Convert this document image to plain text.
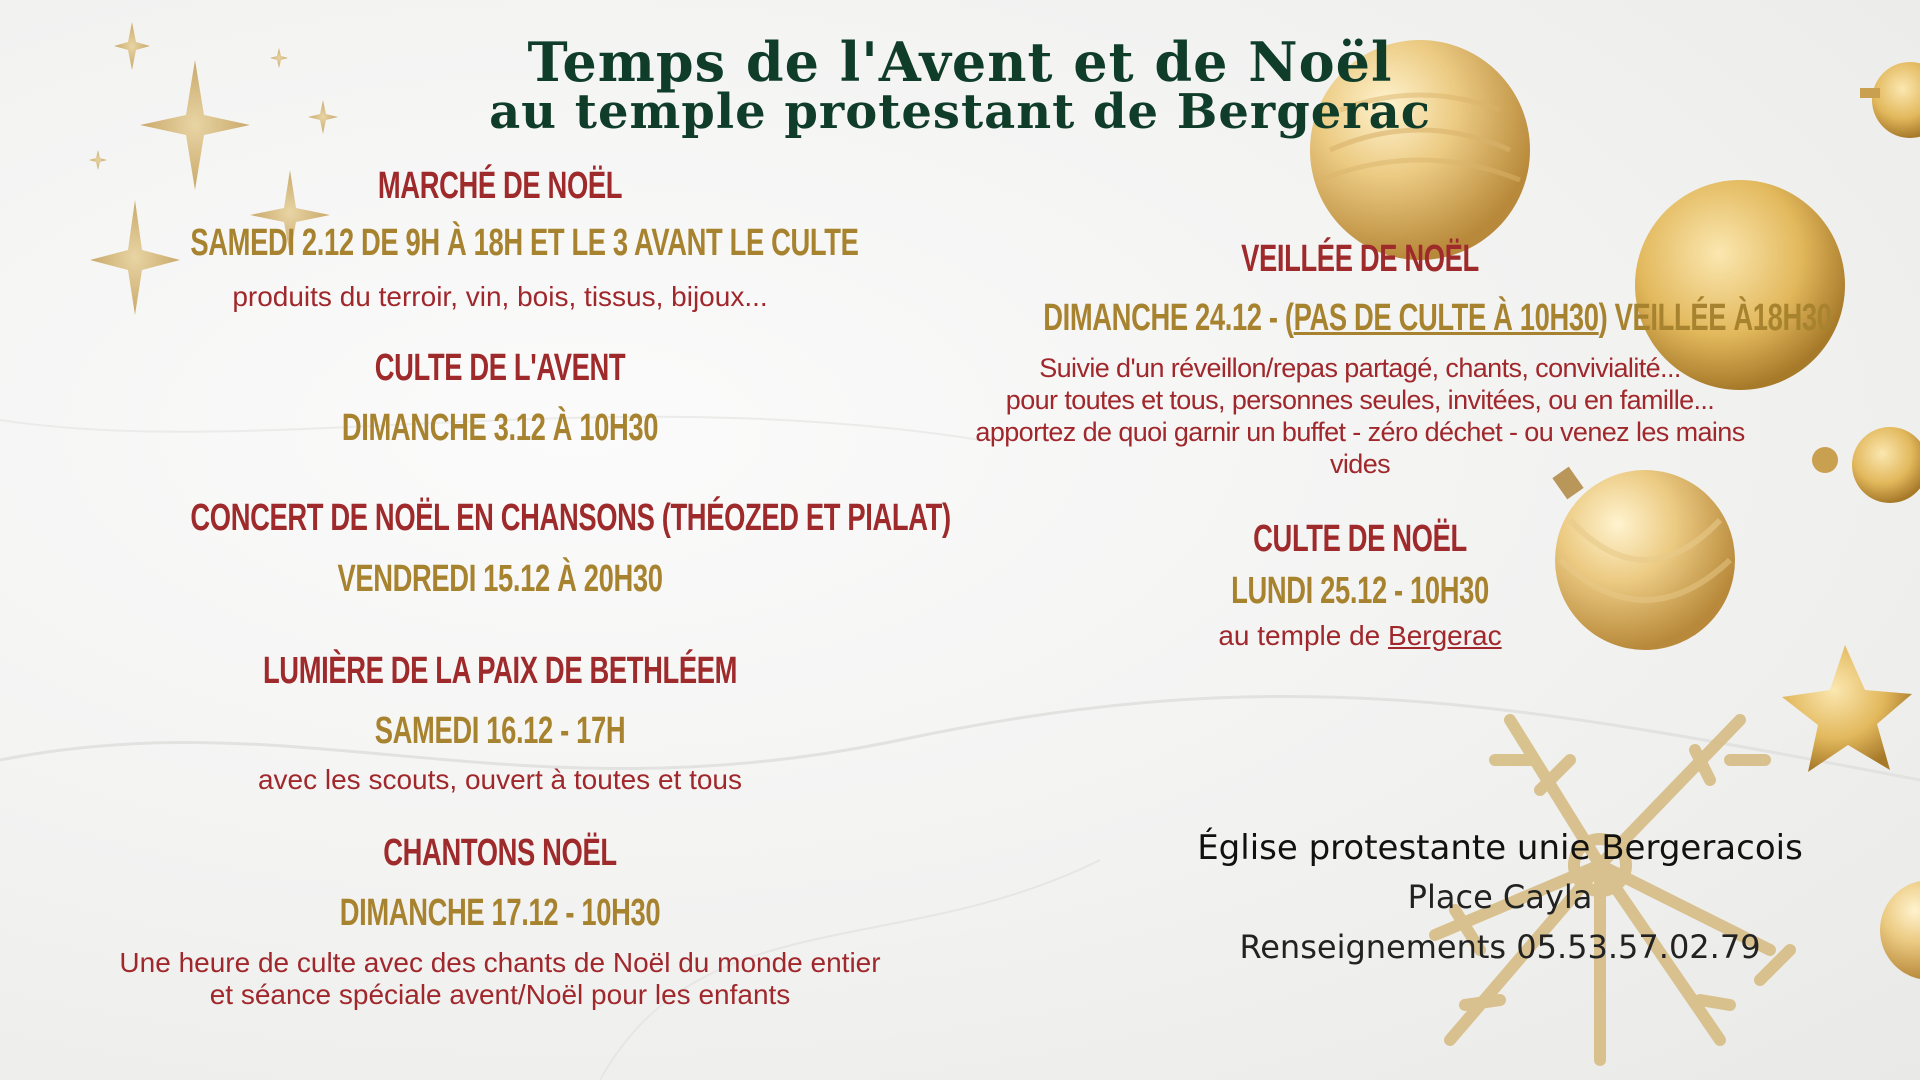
Temps de l'Avent et de Noël
au temple protestant de Bergerac
MARCHÉ DE NOËL
SAMEDI 2.12 DE 9H À 18H ET LE 3 AVANT LE CULTE
produits du terroir, vin, bois, tissus, bijoux...
CULTE DE L'AVENT
DIMANCHE 3.12 À 10H30
CONCERT DE NOËL EN CHANSONS (THÉOZED ET PIALAT)
VENDREDI 15.12 À 20H30
LUMIÈRE DE LA PAIX DE BETHLÉEM
SAMEDI 16.12 - 17H
avec les scouts, ouvert à toutes et tous
CHANTONS NOËL
DIMANCHE 17.12 - 10H30
Une heure de culte avec des chants de Noël du monde entier
et séance spéciale avent/Noël pour les enfants
VEILLÉE DE NOËL
DIMANCHE 24.12 - (PAS DE CULTE À 10H30) VEILLÉE À18H30
Suivie d'un réveillon/repas partagé, chants, convivialité...
pour toutes et tous, personnes seules, invitées, ou en famille...
apportez de quoi garnir un buffet - zéro déchet - ou venez les mains
vides
CULTE DE NOËL
LUNDI 25.12 - 10H30
au temple de Bergerac
Église protestante unie Bergeracois
Place Cayla
Renseignements 05.53.57.02.79
